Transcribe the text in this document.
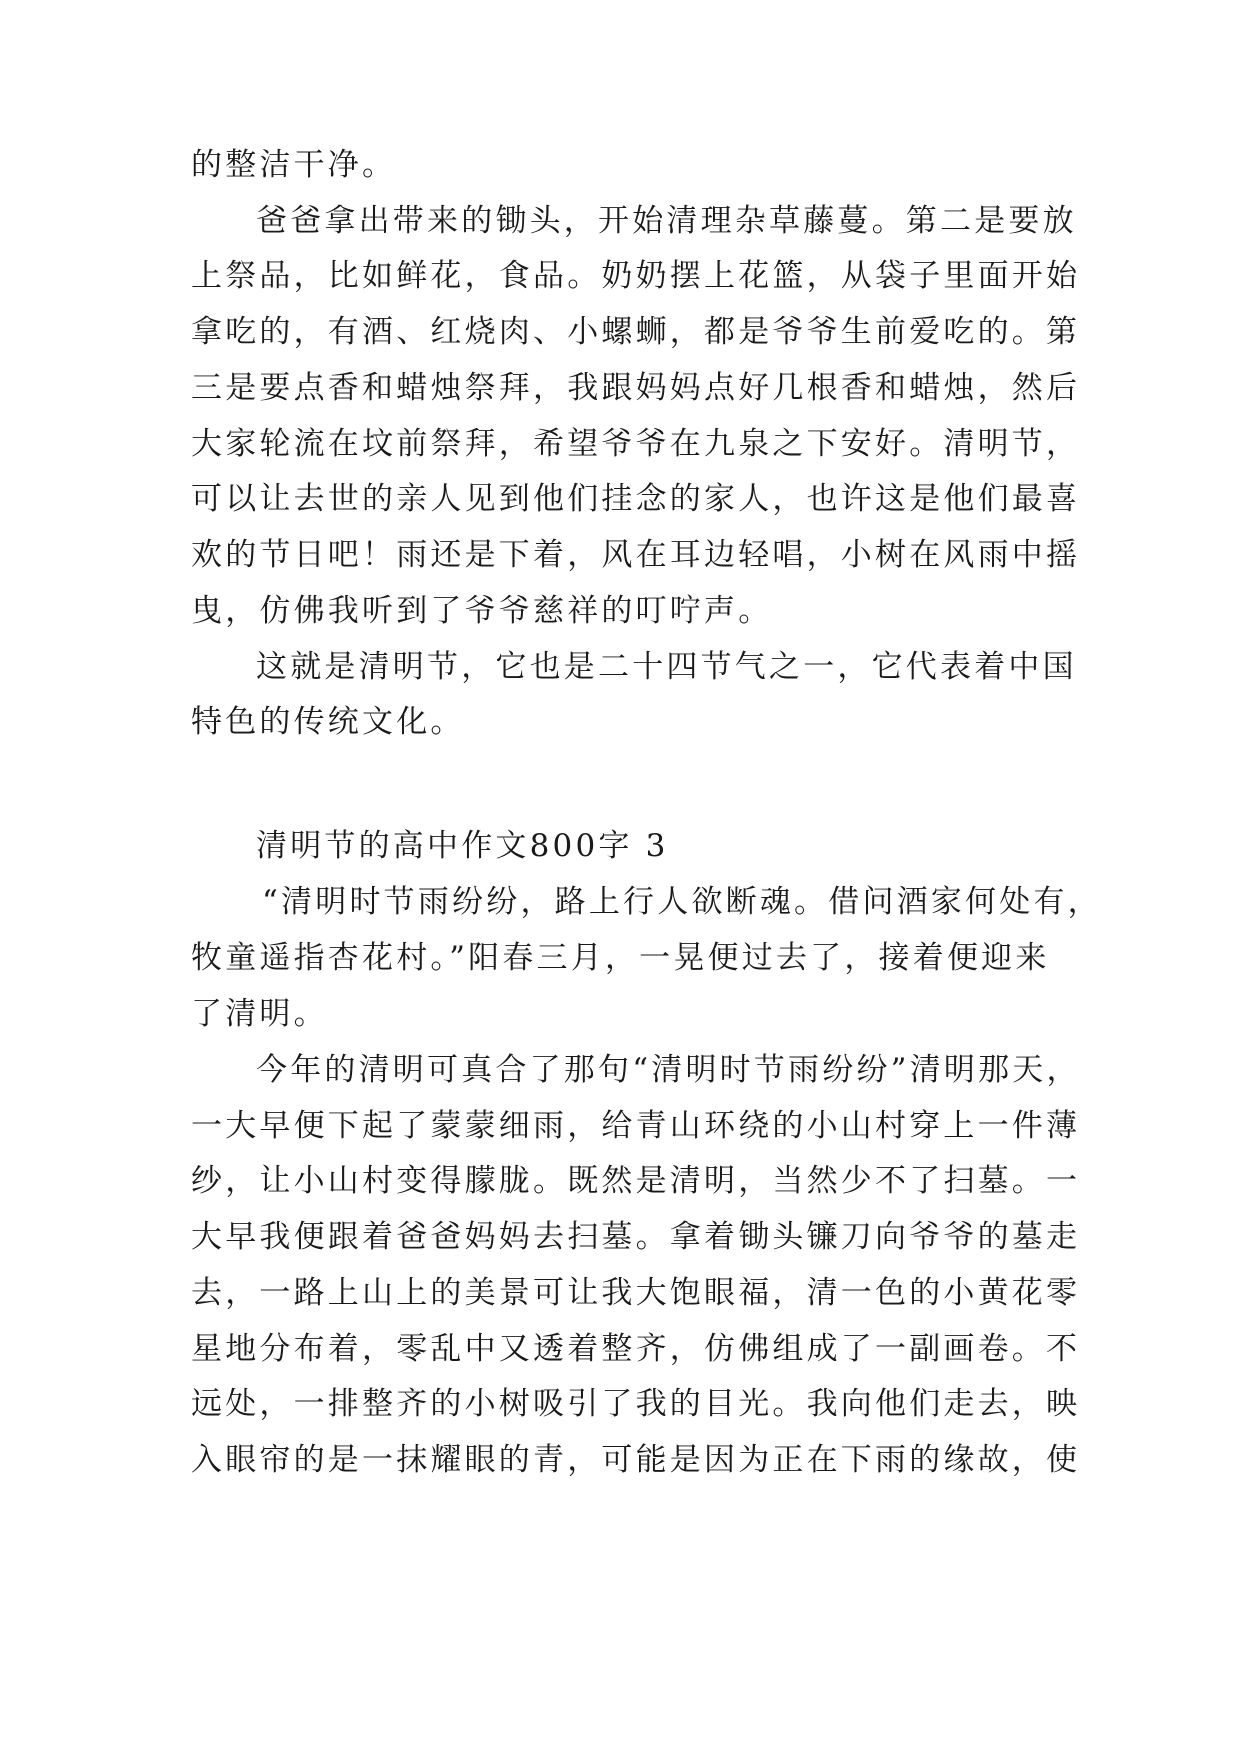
的整洁干净。
爸爸拿出带来的锄头，开始清理杂草藤蔓。第二是要放
上祭品，比如鲜花，食品。奶奶摆上花篮，从袋子里面开始
拿吃的，有酒、红烧肉、小螺蛳，都是爷爷生前爱吃的。第
三是要点香和蜡烛祭拜，我跟妈妈点好几根香和蜡烛，然后
大家轮流在坟前祭拜，希望爷爷在九泉之下安好。清明节，
可以让去世的亲人见到他们挂念的家人，也许这是他们最喜
欢的节日吧！雨还是下着，风在耳边轻唱，小树在风雨中摇
曳，仿佛我听到了爷爷慈祥的叮咛声。
这就是清明节，它也是二十四节气之一，它代表着中国
特色的传统文化。
清明节的高中作文800字 3
“清明时节雨纷纷，路上行人欲断魂。借问酒家何处有，
牧童遥指杏花村。”阳春三月，一晃便过去了，接着便迎来
了清明。
今年的清明可真合了那句“清明时节雨纷纷”清明那天，
一大早便下起了蒙蒙细雨，给青山环绕的小山村穿上一件薄
纱，让小山村变得朦胧。既然是清明，当然少不了扫墓。一
大早我便跟着爸爸妈妈去扫墓。拿着锄头镰刀向爷爷的墓走
去，一路上山上的美景可让我大饱眼福，清一色的小黄花零
星地分布着，零乱中又透着整齐，仿佛组成了一副画卷。不
远处，一排整齐的小树吸引了我的目光。我向他们走去，映
入眼帘的是一抹耀眼的青，可能是因为正在下雨的缘故，使
